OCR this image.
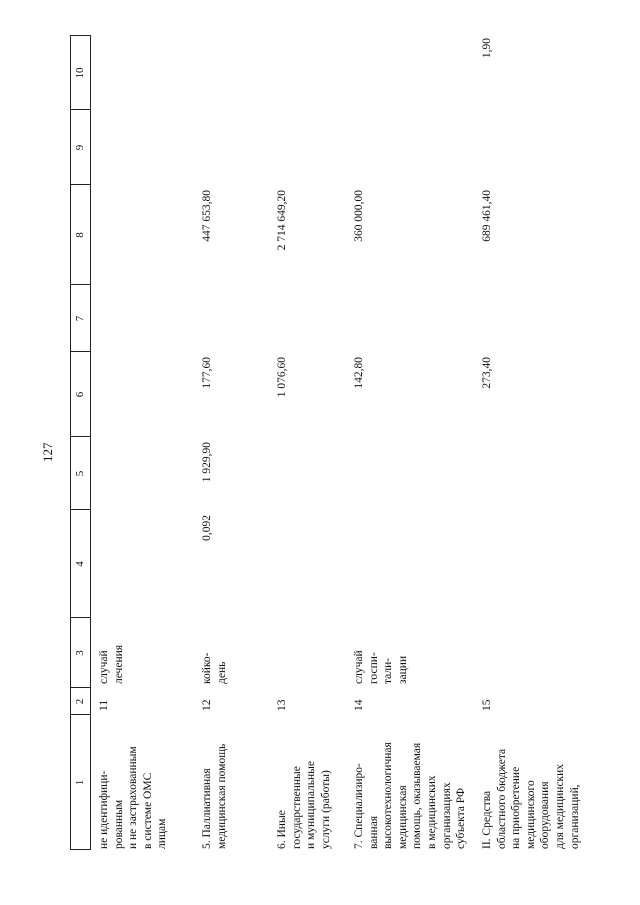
127
1
2
3
4
5
6
7
8
9
10
не идентифици-
рованным
и не застрахованным
в системе ОМС
лицам
11
случай
лечения
5. Паллиативная
медицинская помощь
12
койко-
день
0,092
1 929,90
177,60
447 653,80
6. Иные
государственные
и муниципальные
услуги (работы)
13
1 076,60
2 714 649,20
7. Специализиро-
ванная
высокотехнологичная
медицинская
помощь, оказываемая
в медицинских
организациях
субъекта РФ
14
случай
госпи-
тали-
зации
142,80
360 000,00
II. Средства
областного бюджета
на приобретение
медицинского
оборудования
для медицинских
организаций,
15
273,40
689 461,40
1,90
